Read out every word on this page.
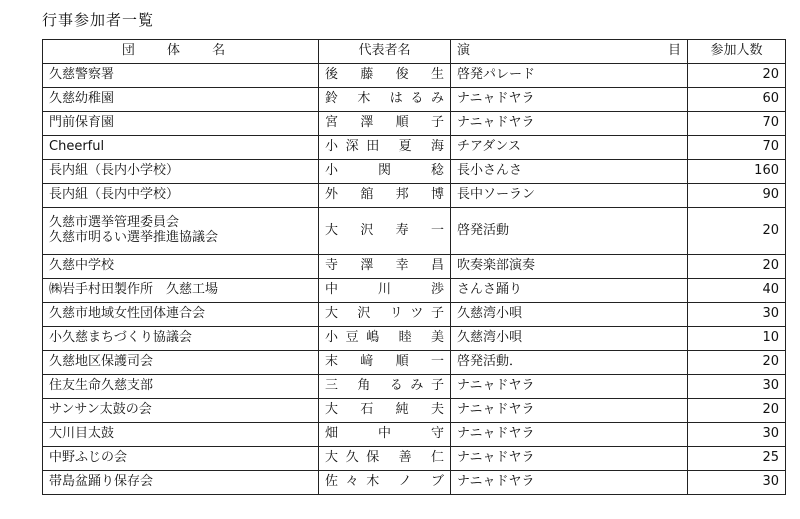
行事参加者一覧
団 体 名	代表者名	演　　目	参加人数
久慈警察署	後 藤 俊 生	啓発パレード	20
久慈幼稚園	鈴 木 はるみ	ナニャドヤラ	60
門前保育園	宮 澤 順 子	ナニャドヤラ	70
Cheerful	小深田 夏 海	チアダンス	70
長内組（長内小学校）	小 関 稔	長小さんさ	160
長内組（長内中学校）	外 舘 邦 博	長中ソーラン	90

久慈市選挙管理委員会
久慈市明るい選挙推進協議会	大 沢 寿 一	啓発活動	20
久慈中学校	寺 澤 幸 昌	吹奏楽部演奏	20
㈱岩手村田製作所　久慈工場	中 川 渉	さんさ踊り	40
久慈市地域女性団体連合会	大 沢 リツ子	久慈湾小唄	30
小久慈まちづくり協議会	小豆嶋 睦 美	久慈湾小唄	10
久慈地区保護司会	末 﨑 順 一	啓発活動．	20
住友生命久慈支部	三 角 るみ子	ナニャドヤラ	30
サンサン太鼓の会	大 石 純 夫	ナニャドヤラ	20
大川目太鼓	畑 中 守	ナニャドヤラ	30
中野ふじの会	大久保 善 仁	ナニャドヤラ	25
帯島盆踊り保存会	佐々木 ノ ブ	ナニャドヤラ	30
